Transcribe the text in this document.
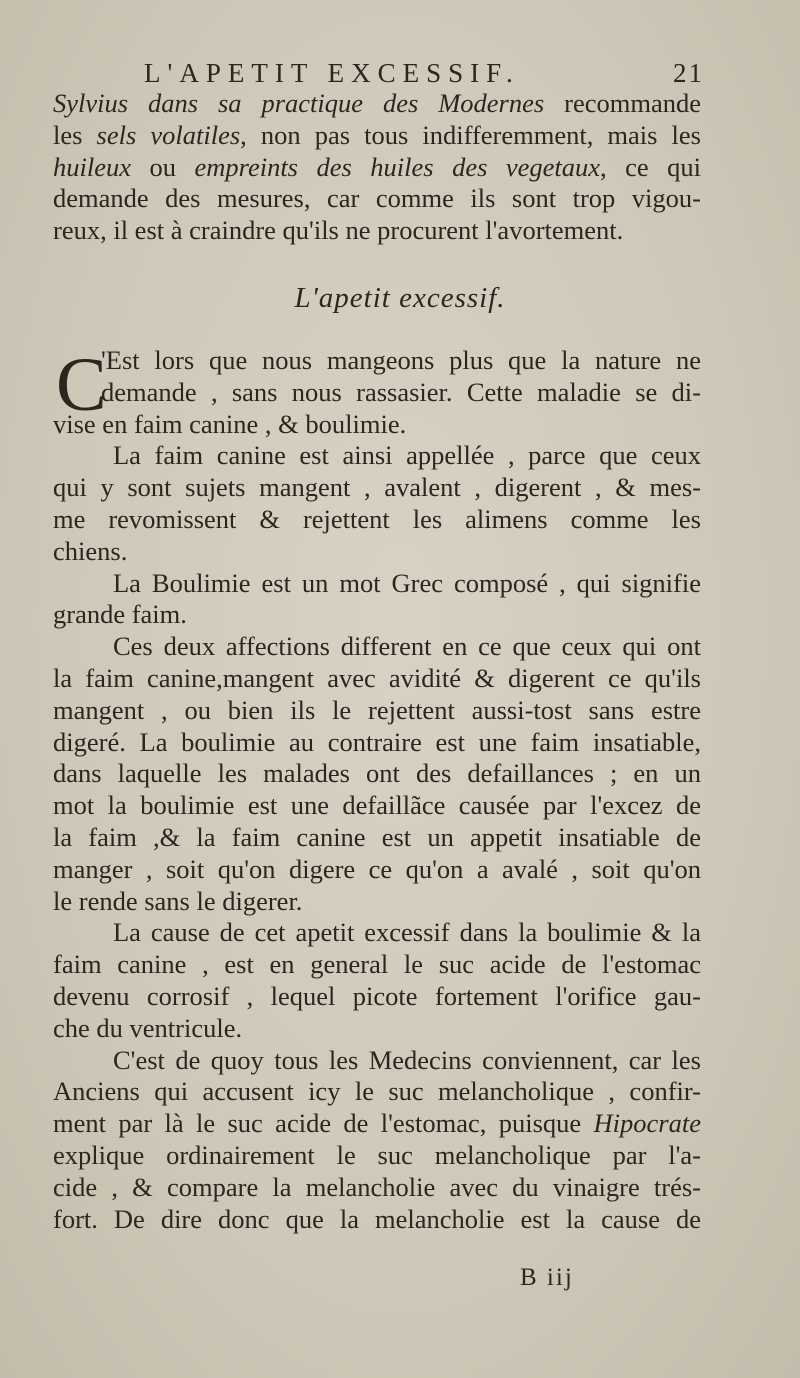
L'APETIT EXCESSIF.	21
Sylvius dans sa practique des Modernes recommande
les sels volatiles, non pas tous indifferemment, mais les
huileux ou empreints des huiles des vegetaux, ce qui
demande des mesures, car comme ils sont trop vigou-
reux, il est à craindre qu'ils ne procurent l'avortement.
L'apetit excessif.
C
'Est lors que nous mangeons plus que la nature ne
demande , sans nous rassasier. Cette maladie se di-
vise en faim canine , & boulimie.
La faim canine est ainsi appellée , parce que ceux
qui y sont sujets mangent , avalent , digerent , & mes-
me revomissent & rejettent les alimens comme les
chiens.
La Boulimie est un mot Grec composé , qui signifie
grande faim.
Ces deux affections different en ce que ceux qui ont
la faim canine,mangent avec avidité & digerent ce qu'ils
mangent , ou bien ils le rejettent aussi-tost sans estre
digeré. La boulimie au contraire est une faim insatiable,
dans laquelle les malades ont des defaillances ; en un
mot la boulimie est une defaillãce causée par l'excez de
la faim ,& la faim canine est un appetit insatiable de
manger , soit qu'on digere ce qu'on a avalé , soit qu'on
le rende sans le digerer.
La cause de cet apetit excessif dans la boulimie & la
faim canine , est en general le suc acide de l'estomac
devenu corrosif , lequel picote fortement l'orifice gau-
che du ventricule.
C'est de quoy tous les Medecins conviennent, car les
Anciens qui accusent icy le suc melancholique , confir-
ment par là le suc acide de l'estomac, puisque Hipocrate
explique ordinairement le suc melancholique par l'a-
cide , & compare la melancholie avec du vinaigre trés-
fort. De dire donc que la melancholie est la cause de
B iij
